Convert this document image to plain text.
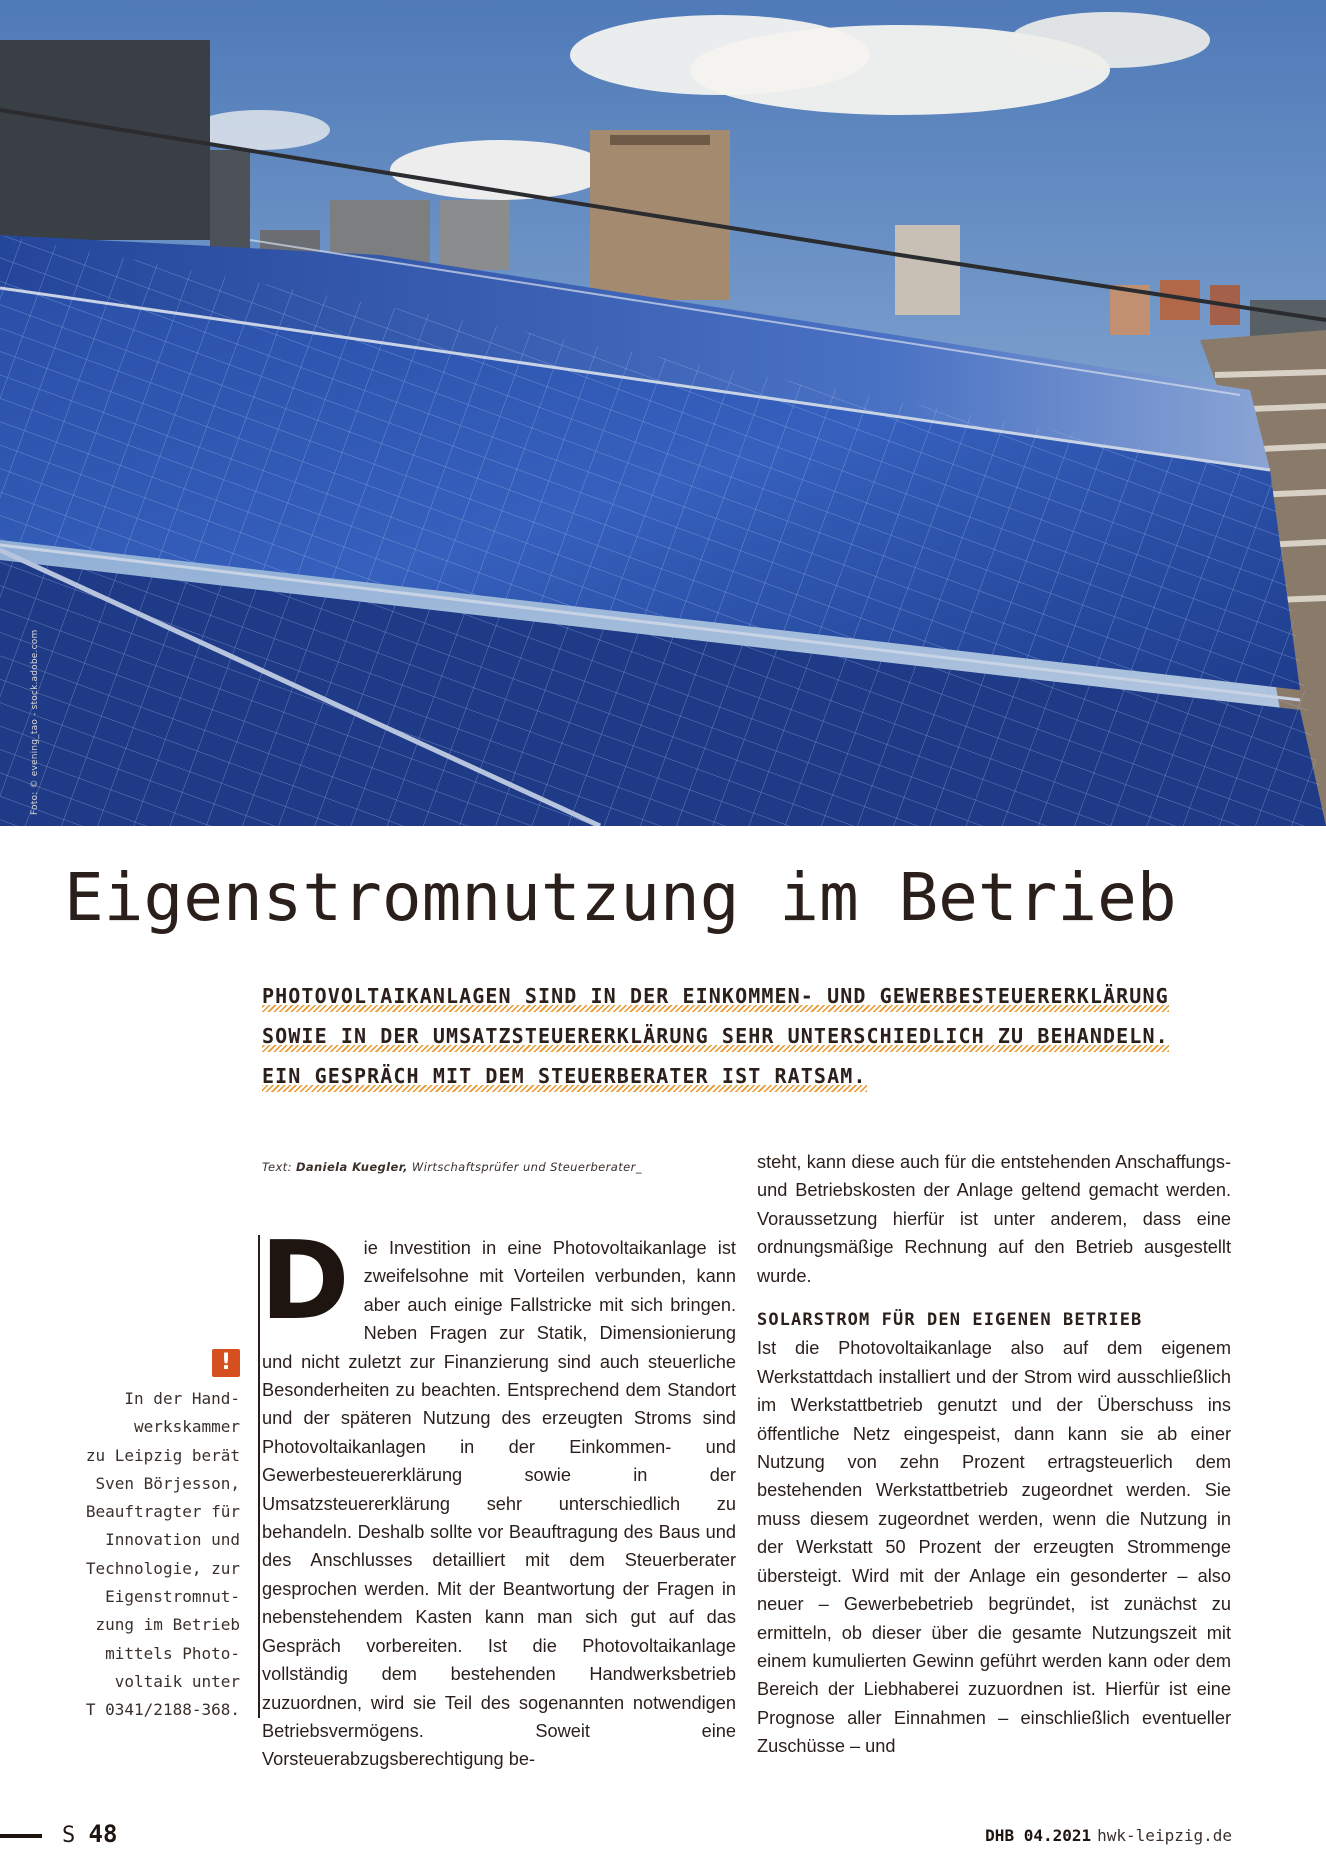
Foto: © evening_tao - stock.adobe.com
Eigenstromnutzung im Betrieb
PHOTOVOLTAIKANLAGEN SIND IN DER EINKOMMEN- UND GEWERBESTEUERERKLÄRUNG
SOWIE IN DER UMSATZSTEUERERKLÄRUNG SEHR UNTERSCHIEDLICH ZU BEHANDELN.
EIN GESPRÄCH MIT DEM STEUERBERATER IST RATSAM.
Text: Daniela Kuegler, Wirtschaftsprüfer und Steuerberater_
!
In der Hand-
werkskammer
zu Leipzig berät
Sven Börjesson,
Beauftragter für
Innovation und
Technologie, zur
Eigenstromnut-
zung im Betrieb
mittels Photo-
voltaik unter
T 0341/2188-368.
Die Investition in eine Photovoltaikanlage ist zweifelsohne mit Vorteilen verbunden, kann aber auch einige Fallstricke mit sich bringen. Neben Fragen zur Statik, Dimensionierung und nicht zuletzt zur Finanzierung sind auch steuerliche Besonderheiten zu beachten. Entsprechend dem Standort und der späteren Nutzung des erzeugten Stroms sind Photovoltaikanlagen in der Einkommen- und Gewerbesteuererklärung sowie in der Umsatzsteuererklärung sehr unterschiedlich zu behandeln. Deshalb sollte vor Beauftragung des Baus und des Anschlusses detailliert mit dem Steuerberater gesprochen werden. Mit der Beantwortung der Fragen in nebenstehendem Kasten kann man sich gut auf das Gespräch vorbereiten. Ist die Photovoltaikanlage vollständig dem bestehenden Handwerksbetrieb zuzuordnen, wird sie Teil des sogenannten notwendigen Betriebsvermögens. Soweit eine Vorsteuerabzugsberechtigung be-
steht, kann diese auch für die entstehenden Anschaffungs- und Betriebskosten der Anlage geltend gemacht werden. Voraussetzung hierfür ist unter anderem, dass eine ordnungsmäßige Rechnung auf den Betrieb ausgestellt wurde.
SOLARSTROM FÜR DEN EIGENEN BETRIEB
Ist die Photovoltaikanlage also auf dem eigenem Werkstattdach installiert und der Strom wird ausschließlich im Werkstattbetrieb genutzt und der Überschuss ins öffentliche Netz eingespeist, dann kann sie ab einer Nutzung von zehn Prozent ertragsteuerlich dem bestehenden Werkstattbetrieb zugeordnet werden. Sie muss diesem zugeordnet werden, wenn die Nutzung in der Werkstatt 50 Prozent der erzeugten Strommenge übersteigt. Wird mit der Anlage ein gesonderter – also neuer – Gewerbebetrieb begründet, ist zunächst zu ermitteln, ob dieser über die gesamte Nutzungszeit mit einem kumulierten Gewinn geführt werden kann oder dem Bereich der Liebhaberei zuzuordnen ist. Hierfür ist eine Prognose aller Einnahmen – einschließlich eventueller Zuschüsse – und
S 48	DHB 04.2021 hwk-leipzig.de
